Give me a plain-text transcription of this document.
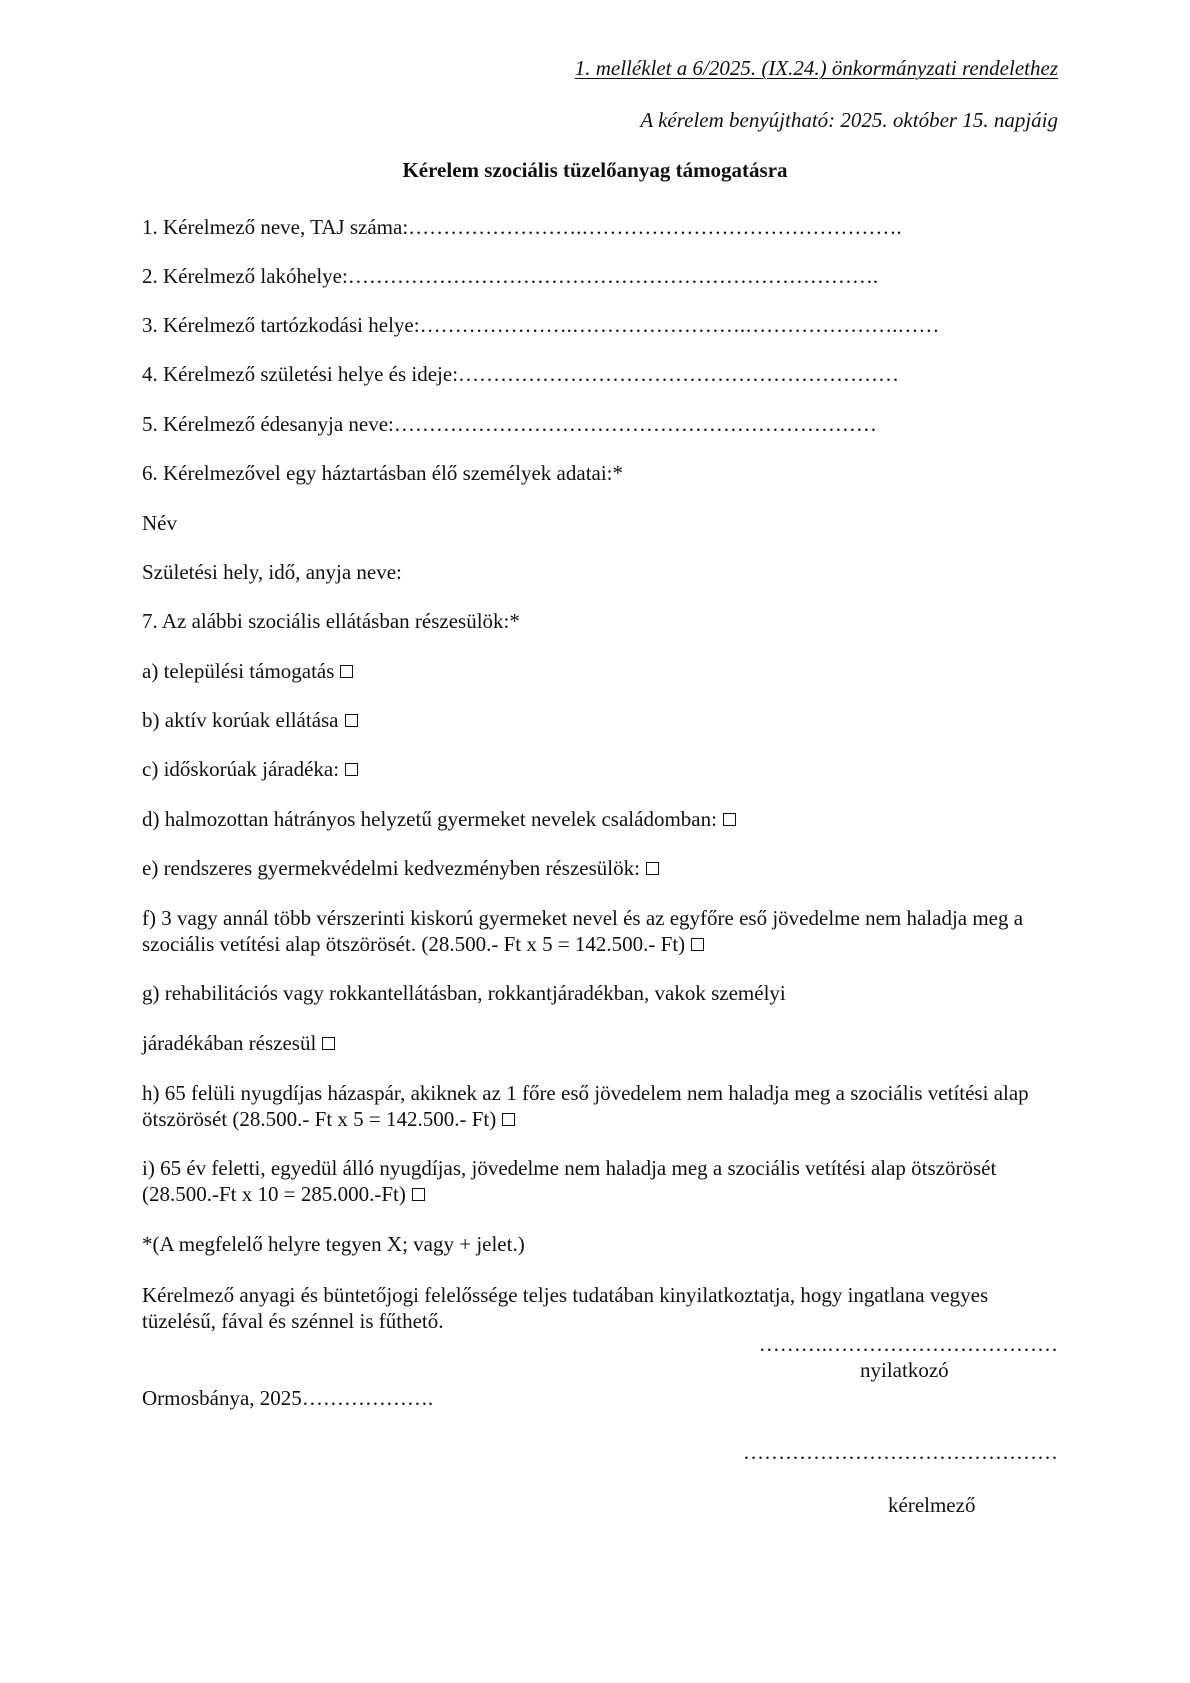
1. melléklet a 6/2025. (IX.24.) önkormányzati rendelethez
A kérelem benyújtható: 2025. október 15. napjáig
Kérelem szociális tüzelőanyag támogatásra
1. Kérelmező neve, TAJ száma:…………………….……………………………………….
2. Kérelmező lakóhelye:………………………………………………………………….
3. Kérelmező tartózkodási helye:………………….…………………….………………….……
4. Kérelmező születési helye és ideje:………………………………………………………
5. Kérelmező édesanyja neve:……………………………………………………………
6. Kérelmezővel egy háztartásban élő személyek adatai:*
Név
Születési hely, idő, anyja neve:
7. Az alábbi szociális ellátásban részesülök:*
a) települési támogatás
b) aktív korúak ellátása
c) időskorúak járadéka:
d) halmozottan hátrányos helyzetű gyermeket nevelek családomban:
e) rendszeres gyermekvédelmi kedvezményben részesülök:
f) 3 vagy annál több vérszerinti kiskorú gyermeket nevel és az egyfőre eső jövedelme nem haladja meg a szociális vetítési alap ötszörösét. (28.500.- Ft x 5 = 142.500.- Ft)
g) rehabilitációs vagy rokkantellátásban, rokkantjáradékban, vakok személyi
járadékában részesül
h) 65 felüli nyugdíjas házaspár, akiknek az 1 főre eső jövedelem nem haladja meg a szociális vetítési alap ötszörösét (28.500.- Ft x 5 = 142.500.- Ft)
i) 65 év feletti, egyedül álló nyugdíjas, jövedelme nem haladja meg a szociális vetítési alap ötszörösét (28.500.-Ft x 10 = 285.000.-Ft)
*(A megfelelő helyre tegyen X; vagy + jelet.)
Kérelmező anyagi és büntetőjogi felelőssége teljes tudatában kinyilatkoztatja, hogy ingatlana vegyes tüzelésű, fával és szénnel is fűthető.
……….……………………………
nyilatkozó
Ormosbánya, 2025……………….
………………………………………
kérelmező
